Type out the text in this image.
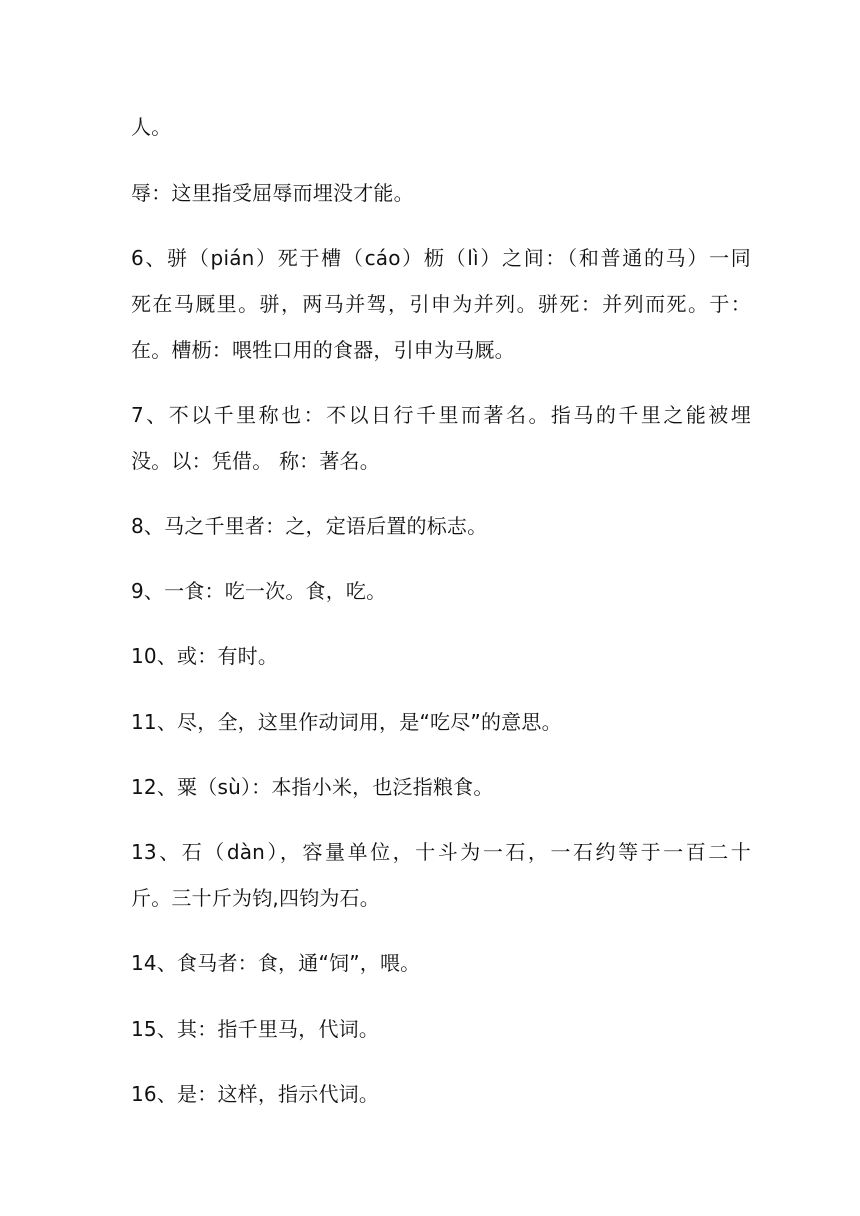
人。
辱：这里指受屈辱而埋没才能。
6、骈（pián）死于槽（cáo）枥（lì）之间：（和普通的马）一同
死在马厩里。骈，两马并驾，引申为并列。骈死：并列而死。于：
在。槽枥：喂牲口用的食器，引申为马厩。
7、不以千里称也：不以日行千里而著名。指马的千里之能被埋
没。以：凭借。 称：著名。
8、马之千里者：之，定语后置的标志。
9、一食：吃一次。食，吃。
10、或：有时。
11、尽，全，这里作动词用，是“吃尽”的意思。
12、粟（sù）：本指小米，也泛指粮食。
13、石（dàn），容量单位，十斗为一石，一石约等于一百二十
斤。三十斤为钧,四钧为石。
14、食马者：食，通“饲”，喂。
15、其：指千里马，代词。
16、是：这样，指示代词。
